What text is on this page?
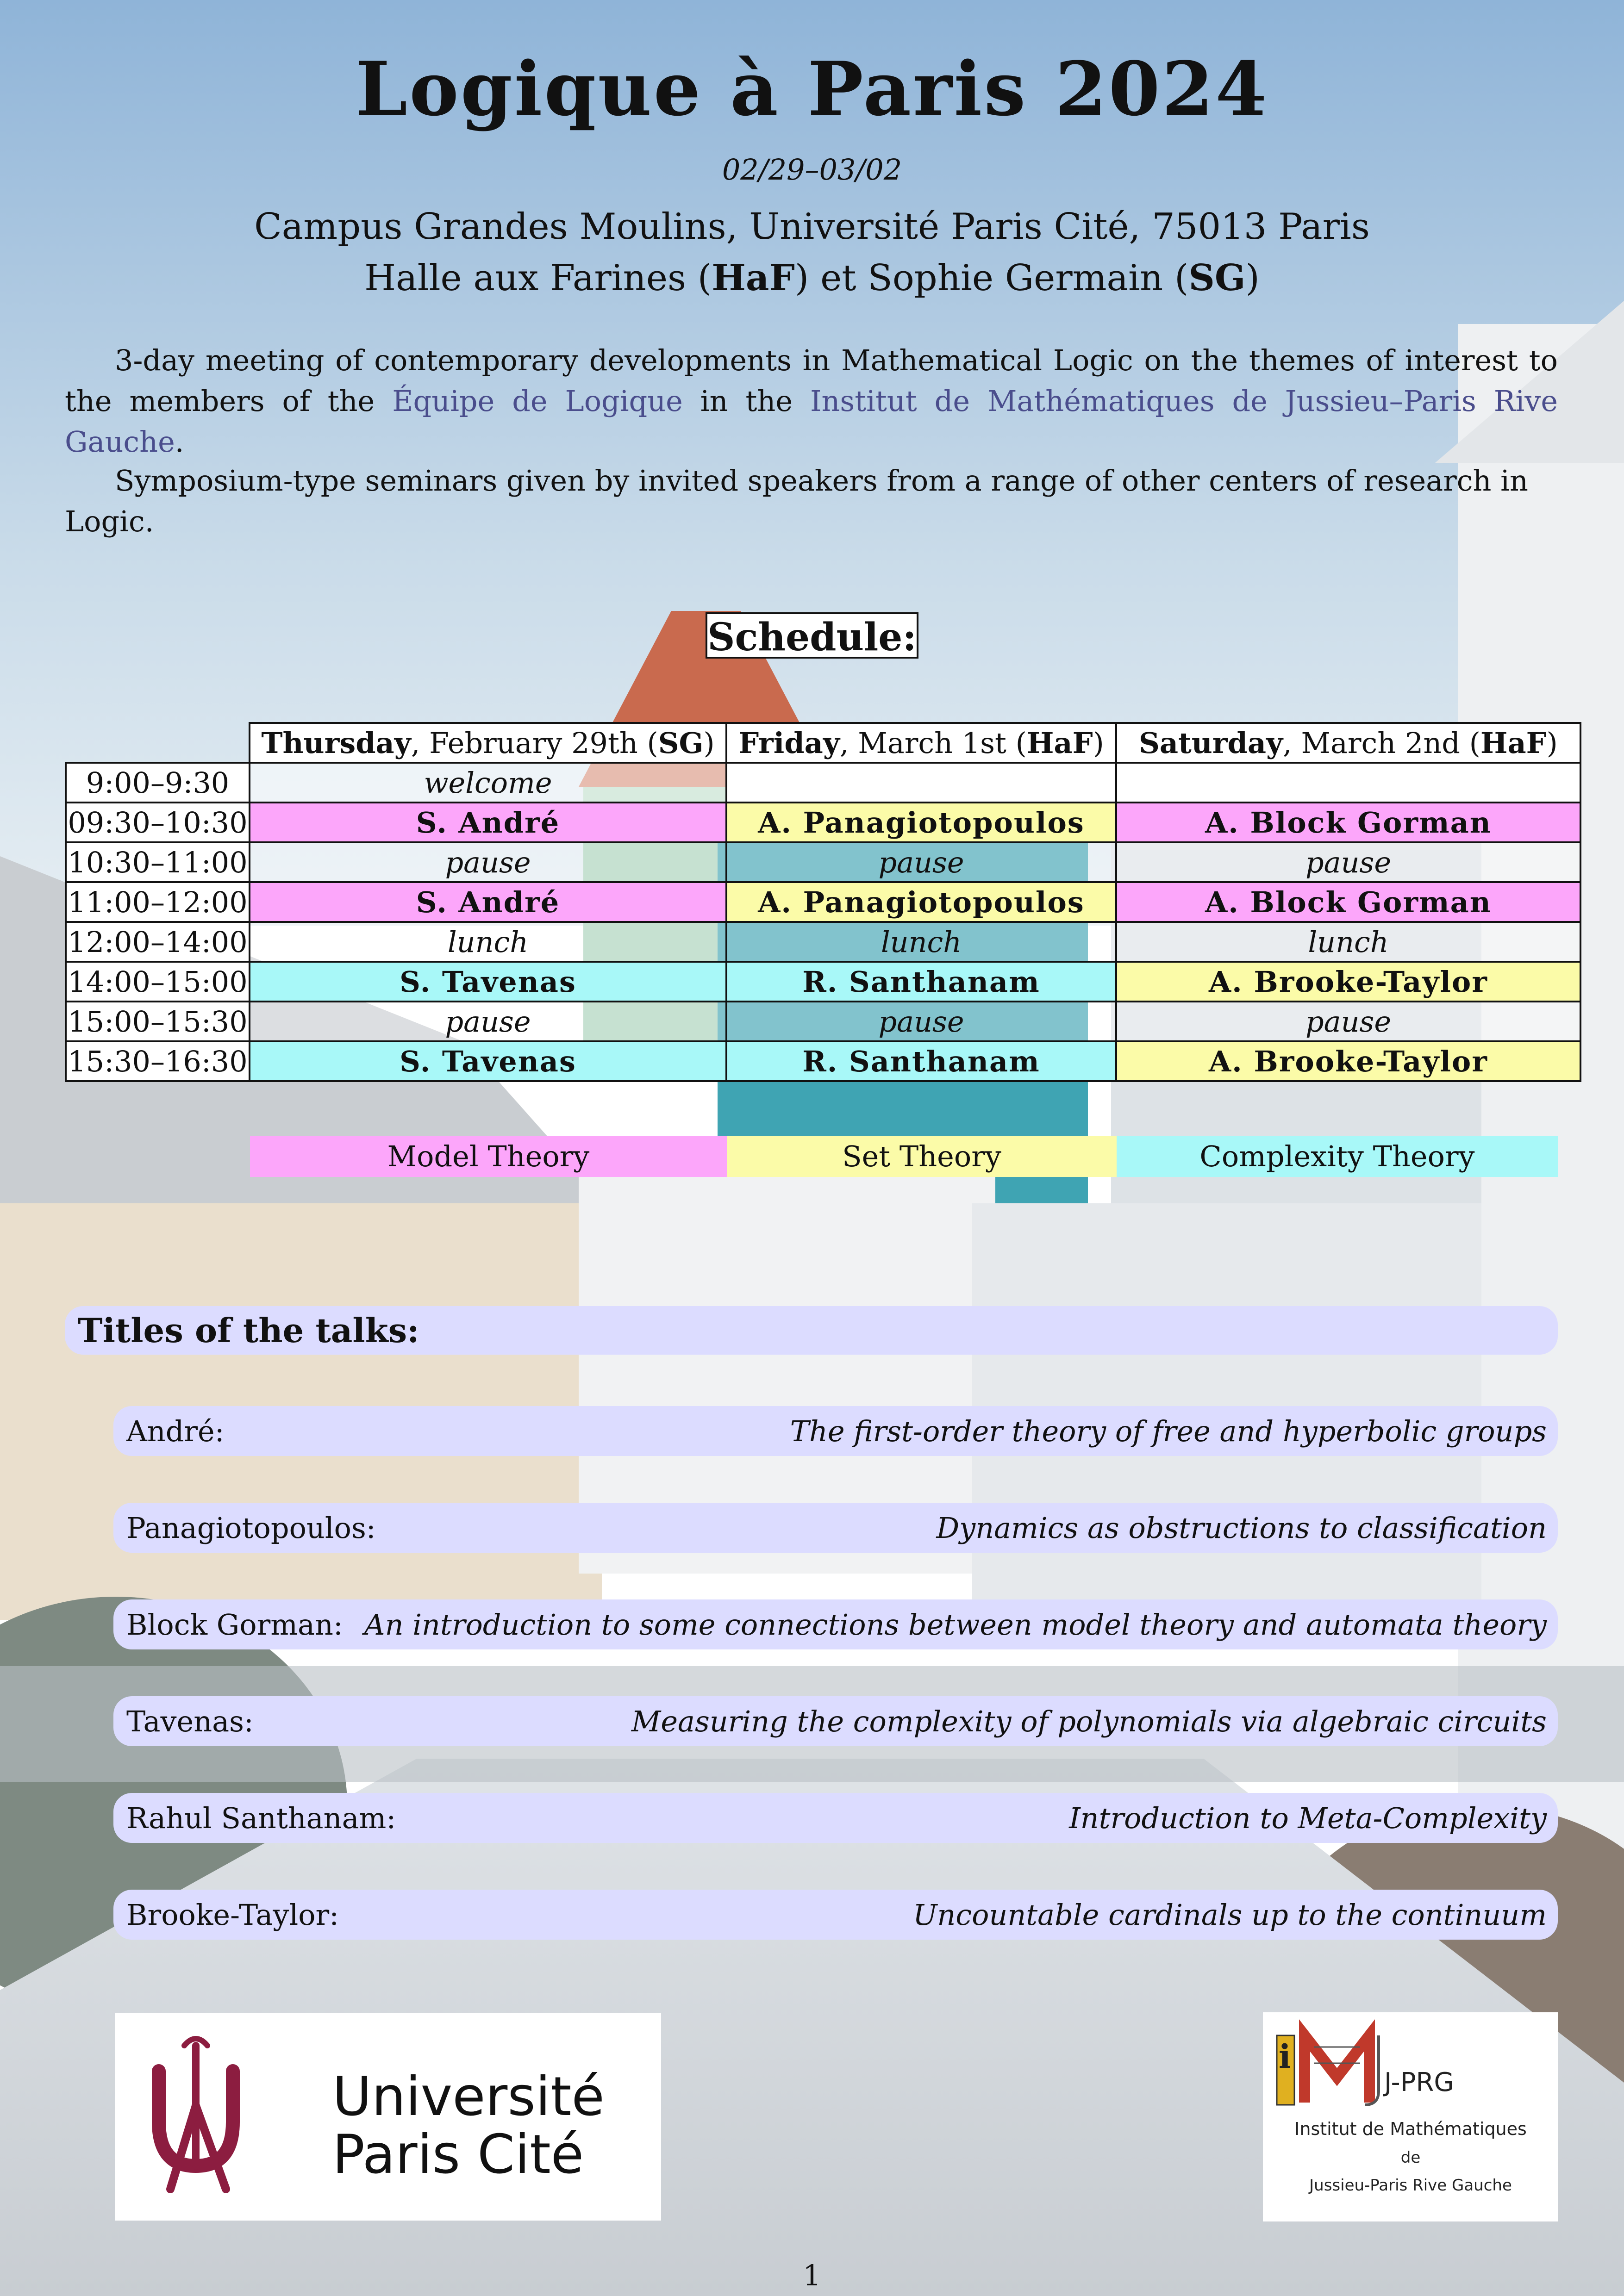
Logique à Paris 2024
02/29–03/02
Campus Grandes Moulins, Université Paris Cité, 75013 Paris
Halle aux Farines (HaF) et Sophie Germain (SG)
3-day meeting of contemporary developments in Mathematical Logic on the themes of interest to the members of the Équipe de Logique in the Institut de Mathématiques de Jussieu–Paris Rive Gauche.
Symposium-type seminars given by invited speakers from a range of other centers of research in Logic.
Schedule:
	Thursday, February 29th (SG)	Friday, March 1st (HaF)	Saturday, March 2nd (HaF)
9:00–9:30	welcome		
09:30–10:30	S. André	A. Panagiotopoulos	A. Block Gorman
10:30–11:00	pause	pause	pause
11:00–12:00	S. André	A. Panagiotopoulos	A. Block Gorman
12:00–14:00	lunch	lunch	lunch
14:00–15:00	S. Tavenas	R. Santhanam	A. Brooke-Taylor
15:00–15:30	pause	pause	pause
15:30–16:30	S. Tavenas	R. Santhanam	A. Brooke-Taylor
Model Theory	Set Theory	Complexity Theory
Titles of the talks:
André:	The first-order theory of free and hyperbolic groups
Panagiotopoulos:	Dynamics as obstructions to classification
Block Gorman: An introduction to some connections between model theory and automata theory
Tavenas:	Measuring the complexity of polynomials via algebraic circuits
Rahul Santhanam:	Introduction to Meta-Complexity
Brooke-Taylor:	Uncountable cardinals up to the continuum
Université
Paris Cité
i
J-PRG
Institut de Mathématiques
de
Jussieu-Paris Rive Gauche
1
